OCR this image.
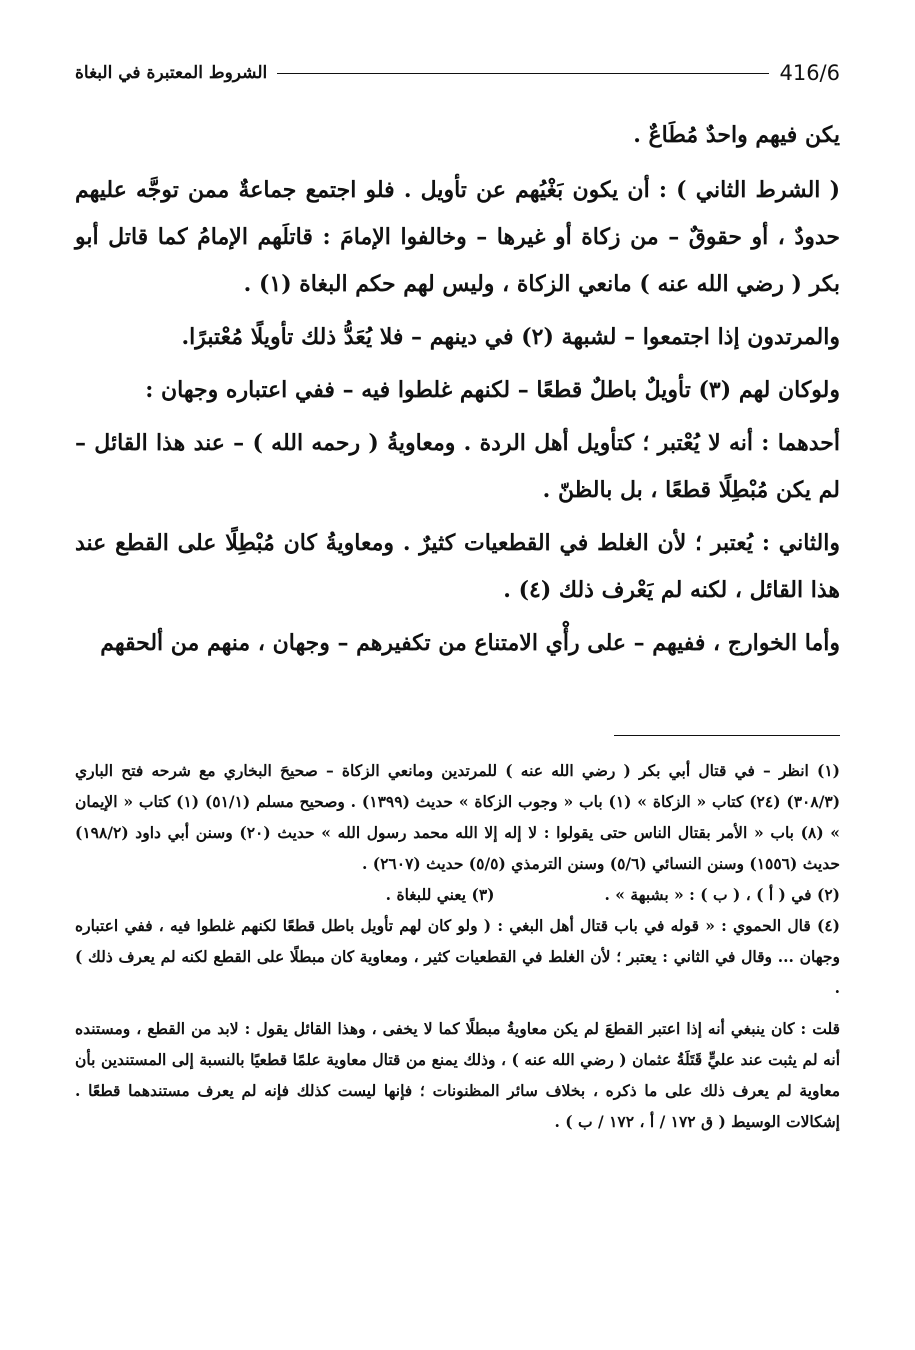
416/6
الشروط المعتبرة في البغاة

يكن فيهم واحدٌ مُطَاعٌ .

( الشرط الثاني ) : أن يكون بَغْيُهم عن تأويل . فلو اجتمع جماعةٌ ممن توجَّه عليهم حدودٌ ، أو حقوقٌ – من زكاة أو غيرها – وخالفوا الإمامَ : قاتلَهم الإمامُ كما قاتل أبو بكر ( رضي الله عنه ) مانعي الزكاة ، وليس لهم حكم البغاة (١) .

والمرتدون إذا اجتمعوا – لشبهة (٢) في دينهم – فلا يُعَدُّ ذلك تأويلًا مُعْتبرًا.

ولوكان لهم (٣) تأويلٌ باطلٌ قطعًا – لكنهم غلطوا فيه – ففي اعتباره وجهان :

أحدهما : أنه لا يُعْتبر ؛ كتأويل أهل الردة . ومعاويةُ ( رحمه الله ) – عند هذا القائل – لم يكن مُبْطِلًا قطعًا ، بل بالظنّ .

والثاني : يُعتبر ؛ لأن الغلط في القطعيات كثيرٌ . ومعاويةُ كان مُبْطِلًا على القطع عند هذا القائل ، لكنه لم يَعْرف ذلك (٤) .

وأما الخوارج ، ففيهم – على رأْي الامتناع من تكفيرهم – وجهان ، منهم من ألحقهم

(١) انظر – في قتال أبي بكر ( رضي الله عنه ) للمرتدين ومانعي الزكاة – صحيحَ البخاري مع شرحه فتح الباري (٣٠٨/٣) (٢٤) كتاب « الزكاة » (١) باب « وجوب الزكاة » حديث (١٣٩٩) . وصحيح مسلم (٥١/١) (١) كتاب « الإيمان » (٨) باب « الأمر بقتال الناس حتى يقولوا : لا إله إلا الله محمد رسول الله » حديث (٢٠) وسنن أبي داود (١٩٨/٢) حديث (١٥٥٦) وسنن النسائي (٥/٦) وسنن الترمذي (٥/٥) حديث (٢٦٠٧) .

(٢) في ( أ ) ، ( ب ) : « بشبهة » .
(٣) يعني للبغاة .

(٤) قال الحموي : « قوله في باب قتال أهل البغي : ( ولو كان لهم تأويل باطل قطعًا لكنهم غلطوا فيه ، ففي اعتباره وجهان ... وقال في الثاني : يعتبر ؛ لأن الغلط في القطعيات كثير ، ومعاوية كان مبطلًا على القطع لكنه لم يعرف ذلك ) .

قلت : كان ينبغي أنه إذا اعتبر القطعَ لم يكن معاويةُ مبطلًا كما لا يخفى ، وهذا القائل يقول : لابد من القطع ، ومستنده أنه لم يثبت عند عليٍّ قَتَلَةُ عثمان ( رضي الله عنه ) ، وذلك يمنع من قتال معاوية علمًا قطعيًا بالنسبة إلى المستندين بأن معاوية لم يعرف ذلك على ما ذكره ، بخلاف سائر المظنونات ؛ فإنها ليست كذلك فإنه لم يعرف مستندهما قطعًا . إشكالات الوسيط ( ق ١٧٢ / أ ، ١٧٢ / ب ) .
